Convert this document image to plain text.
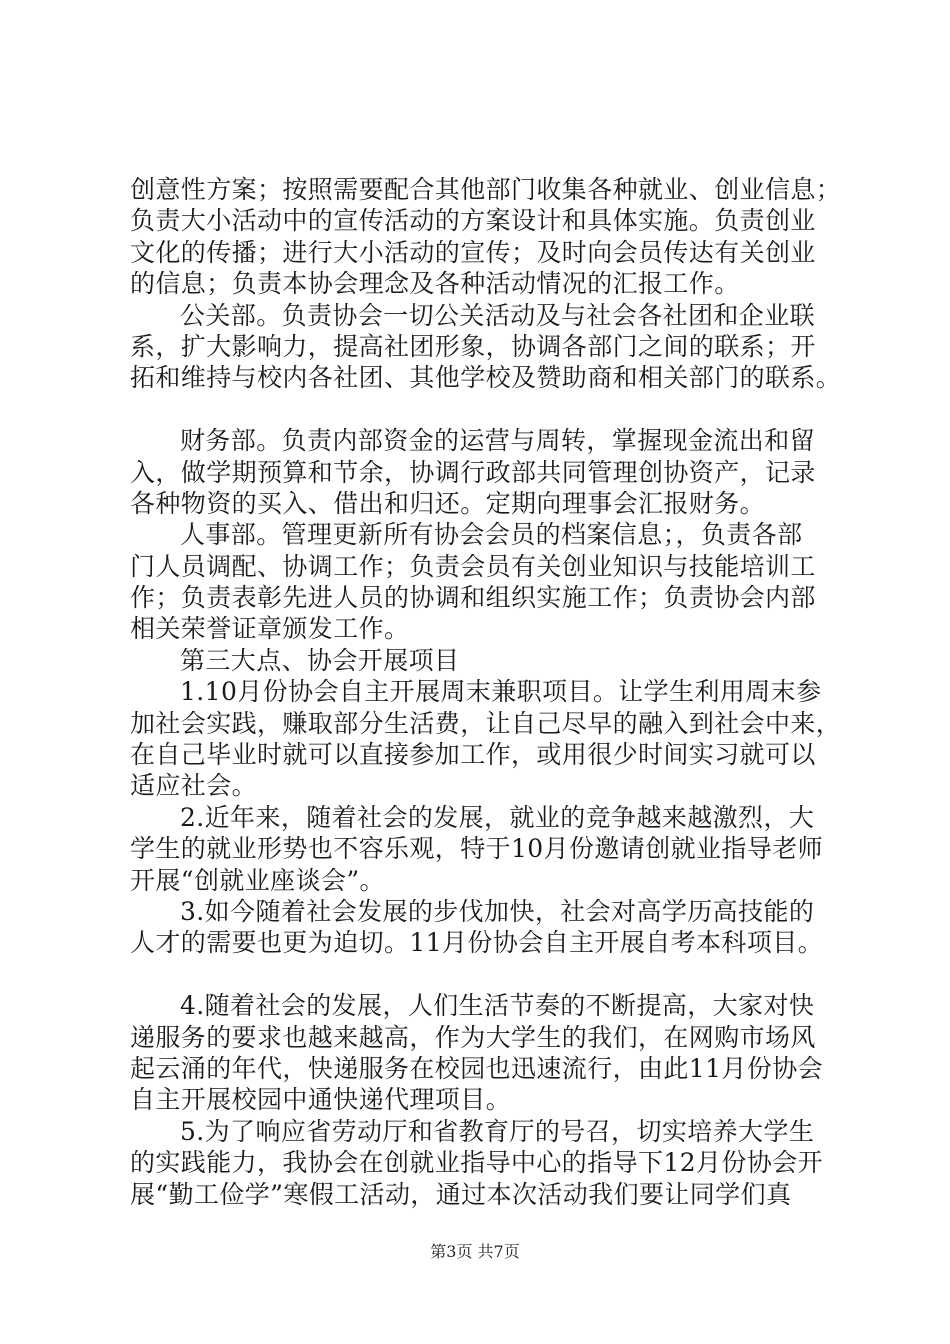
创意性方案；按照需要配合其他部门收集各种就业、创业信息；
负责大小活动中的宣传活动的方案设计和具体实施。负责创业
文化的传播；进行大小活动的宣传；及时向会员传达有关创业
的信息；负责本协会理念及各种活动情况的汇报工作。
公关部。负责协会一切公关活动及与社会各社团和企业联
系，扩大影响力，提高社团形象，协调各部门之间的联系；开
拓和维持与校内各社团、其他学校及赞助商和相关部门的联系。
财务部。负责内部资金的运营与周转，掌握现金流出和留
入，做学期预算和节余，协调行政部共同管理创协资产，记录
各种物资的买入、借出和归还。定期向理事会汇报财务。
人事部。管理更新所有协会会员的档案信息；，负责各部
门人员调配、协调工作；负责会员有关创业知识与技能培训工
作；负责表彰先进人员的协调和组织实施工作；负责协会内部
相关荣誉证章颁发工作。
第三大点、协会开展项目
1.10月份协会自主开展周末兼职项目。让学生利用周末参
加社会实践，赚取部分生活费，让自己尽早的融入到社会中来，
在自己毕业时就可以直接参加工作，或用很少时间实习就可以
适应社会。
2.近年来，随着社会的发展，就业的竞争越来越激烈，大
学生的就业形势也不容乐观，特于10月份邀请创就业指导老师
开展“创就业座谈会”。
3.如今随着社会发展的步伐加快，社会对高学历高技能的
人才的需要也更为迫切。11月份协会自主开展自考本科项目。
4.随着社会的发展，人们生活节奏的不断提高，大家对快
递服务的要求也越来越高，作为大学生的我们，在网购市场风
起云涌的年代，快递服务在校园也迅速流行，由此11月份协会
自主开展校园中通快递代理项目。
5.为了响应省劳动厅和省教育厅的号召，切实培养大学生
的实践能力，我协会在创就业指导中心的指导下12月份协会开
展“勤工俭学”寒假工活动，通过本次活动我们要让同学们真
第3页 共7页
